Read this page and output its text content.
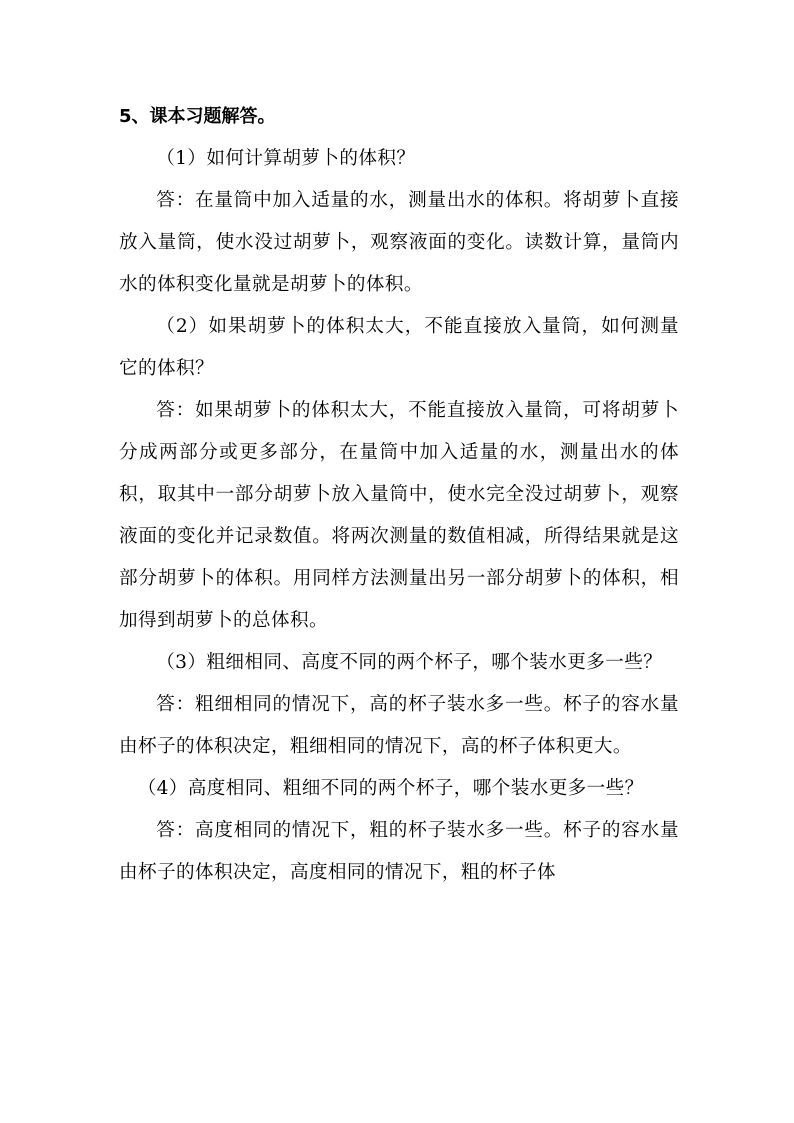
5、课本习题解答。

（1）如何计算胡萝卜的体积？

答：在量筒中加入适量的水，测量出水的体积。将胡萝卜直接放入量筒，使水没过胡萝卜，观察液面的变化。读数计算，量筒内水的体积变化量就是胡萝卜的体积。

（2）如果胡萝卜的体积太大，不能直接放入量筒，如何测量它的体积？

答：如果胡萝卜的体积太大，不能直接放入量筒，可将胡萝卜分成两部分或更多部分，在量筒中加入适量的水，测量出水的体积，取其中一部分胡萝卜放入量筒中，使水完全没过胡萝卜，观察液面的变化并记录数值。将两次测量的数值相减，所得结果就是这部分胡萝卜的体积。用同样方法测量出另一部分胡萝卜的体积，相加得到胡萝卜的总体积。

（3）粗细相同、高度不同的两个杯子，哪个装水更多一些？

答：粗细相同的情况下，高的杯子装水多一些。杯子的容水量由杯子的体积决定，粗细相同的情况下，高的杯子体积更大。

（4）高度相同、粗细不同的两个杯子，哪个装水更多一些？

答：高度相同的情况下，粗的杯子装水多一些。杯子的容水量由杯子的体积决定，高度相同的情况下，粗的杯子体
